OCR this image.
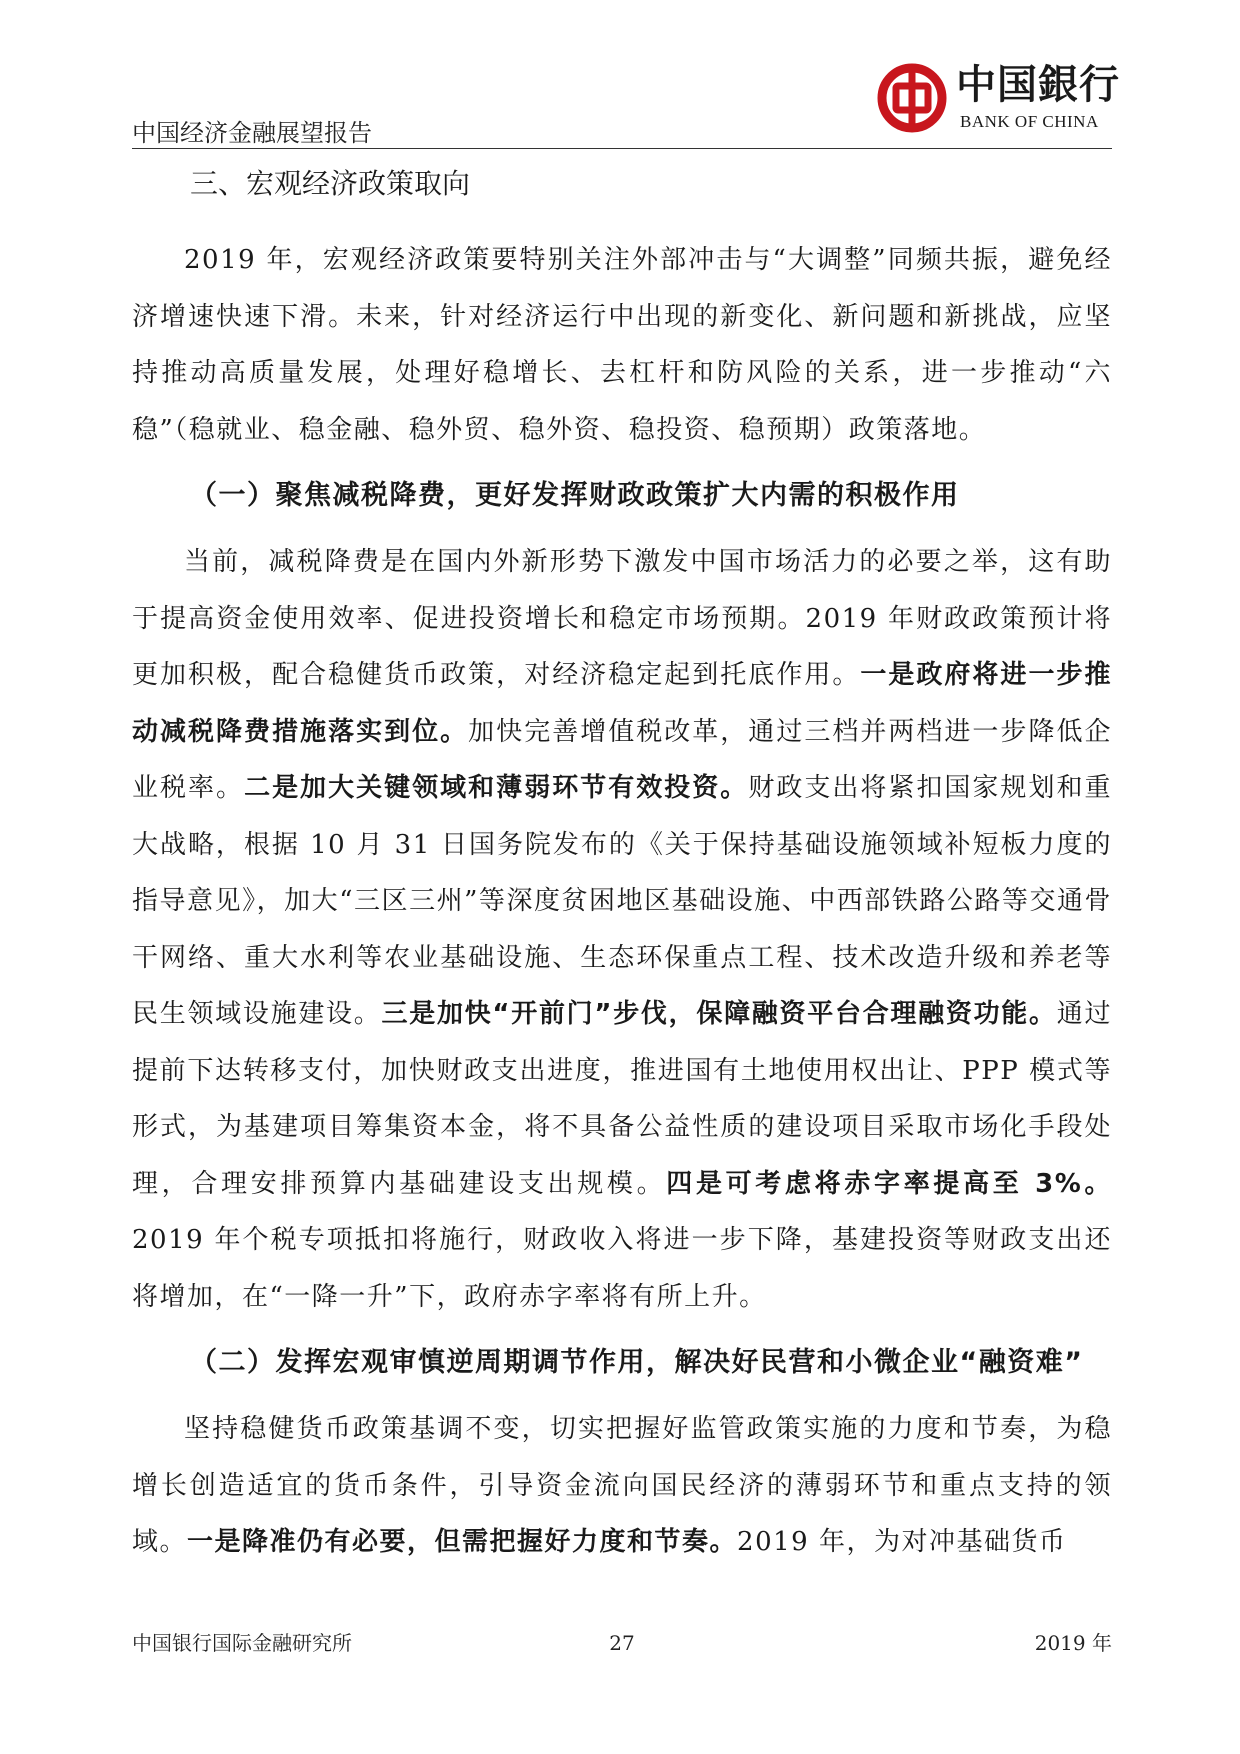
中国銀行
BANK OF CHINA
中国经济金融展望报告
三、宏观经济政策取向

2019 年，宏观经济政策要特别关注外部冲击与“大调整”同频共振，避免经济增速快速下滑。未来，针对经济运行中出现的新变化、新问题和新挑战，应坚持推动高质量发展，处理好稳增长、去杠杆和防风险的关系，进一步推动“六稳”（稳就业、稳金融、稳外贸、稳外资、稳投资、稳预期）政策落地。

（一）聚焦减税降费，更好发挥财政政策扩大内需的积极作用

当前，减税降费是在国内外新形势下激发中国市场活力的必要之举，这有助于提高资金使用效率、促进投资增长和稳定市场预期。2019 年财政政策预计将更加积极，配合稳健货币政策，对经济稳定起到托底作用。一是政府将进一步推动减税降费措施落实到位。加快完善增值税改革，通过三档并两档进一步降低企业税率。二是加大关键领域和薄弱环节有效投资。财政支出将紧扣国家规划和重大战略，根据 10 月 31 日国务院发布的《关于保持基础设施领域补短板力度的指导意见》，加大“三区三州”等深度贫困地区基础设施、中西部铁路公路等交通骨干网络、重大水利等农业基础设施、生态环保重点工程、技术改造升级和养老等民生领域设施建设。三是加快“开前门”步伐，保障融资平台合理融资功能。通过提前下达转移支付，加快财政支出进度，推进国有土地使用权出让、PPP 模式等形式，为基建项目筹集资本金，将不具备公益性质的建设项目采取市场化手段处理，合理安排预算内基础建设支出规模。四是可考虑将赤字率提高至 3%。2019 年个税专项抵扣将施行，财政收入将进一步下降，基建投资等财政支出还将增加，在“一降一升”下，政府赤字率将有所上升。

（二）发挥宏观审慎逆周期调节作用，解决好民营和小微企业“融资难”

坚持稳健货币政策基调不变，切实把握好监管政策实施的力度和节奏，为稳增长创造适宜的货币条件，引导资金流向国民经济的薄弱环节和重点支持的领域。一是降准仍有必要，但需把握好力度和节奏。2019 年，为对冲基础货币

中国银行国际金融研究所	27	2019 年
